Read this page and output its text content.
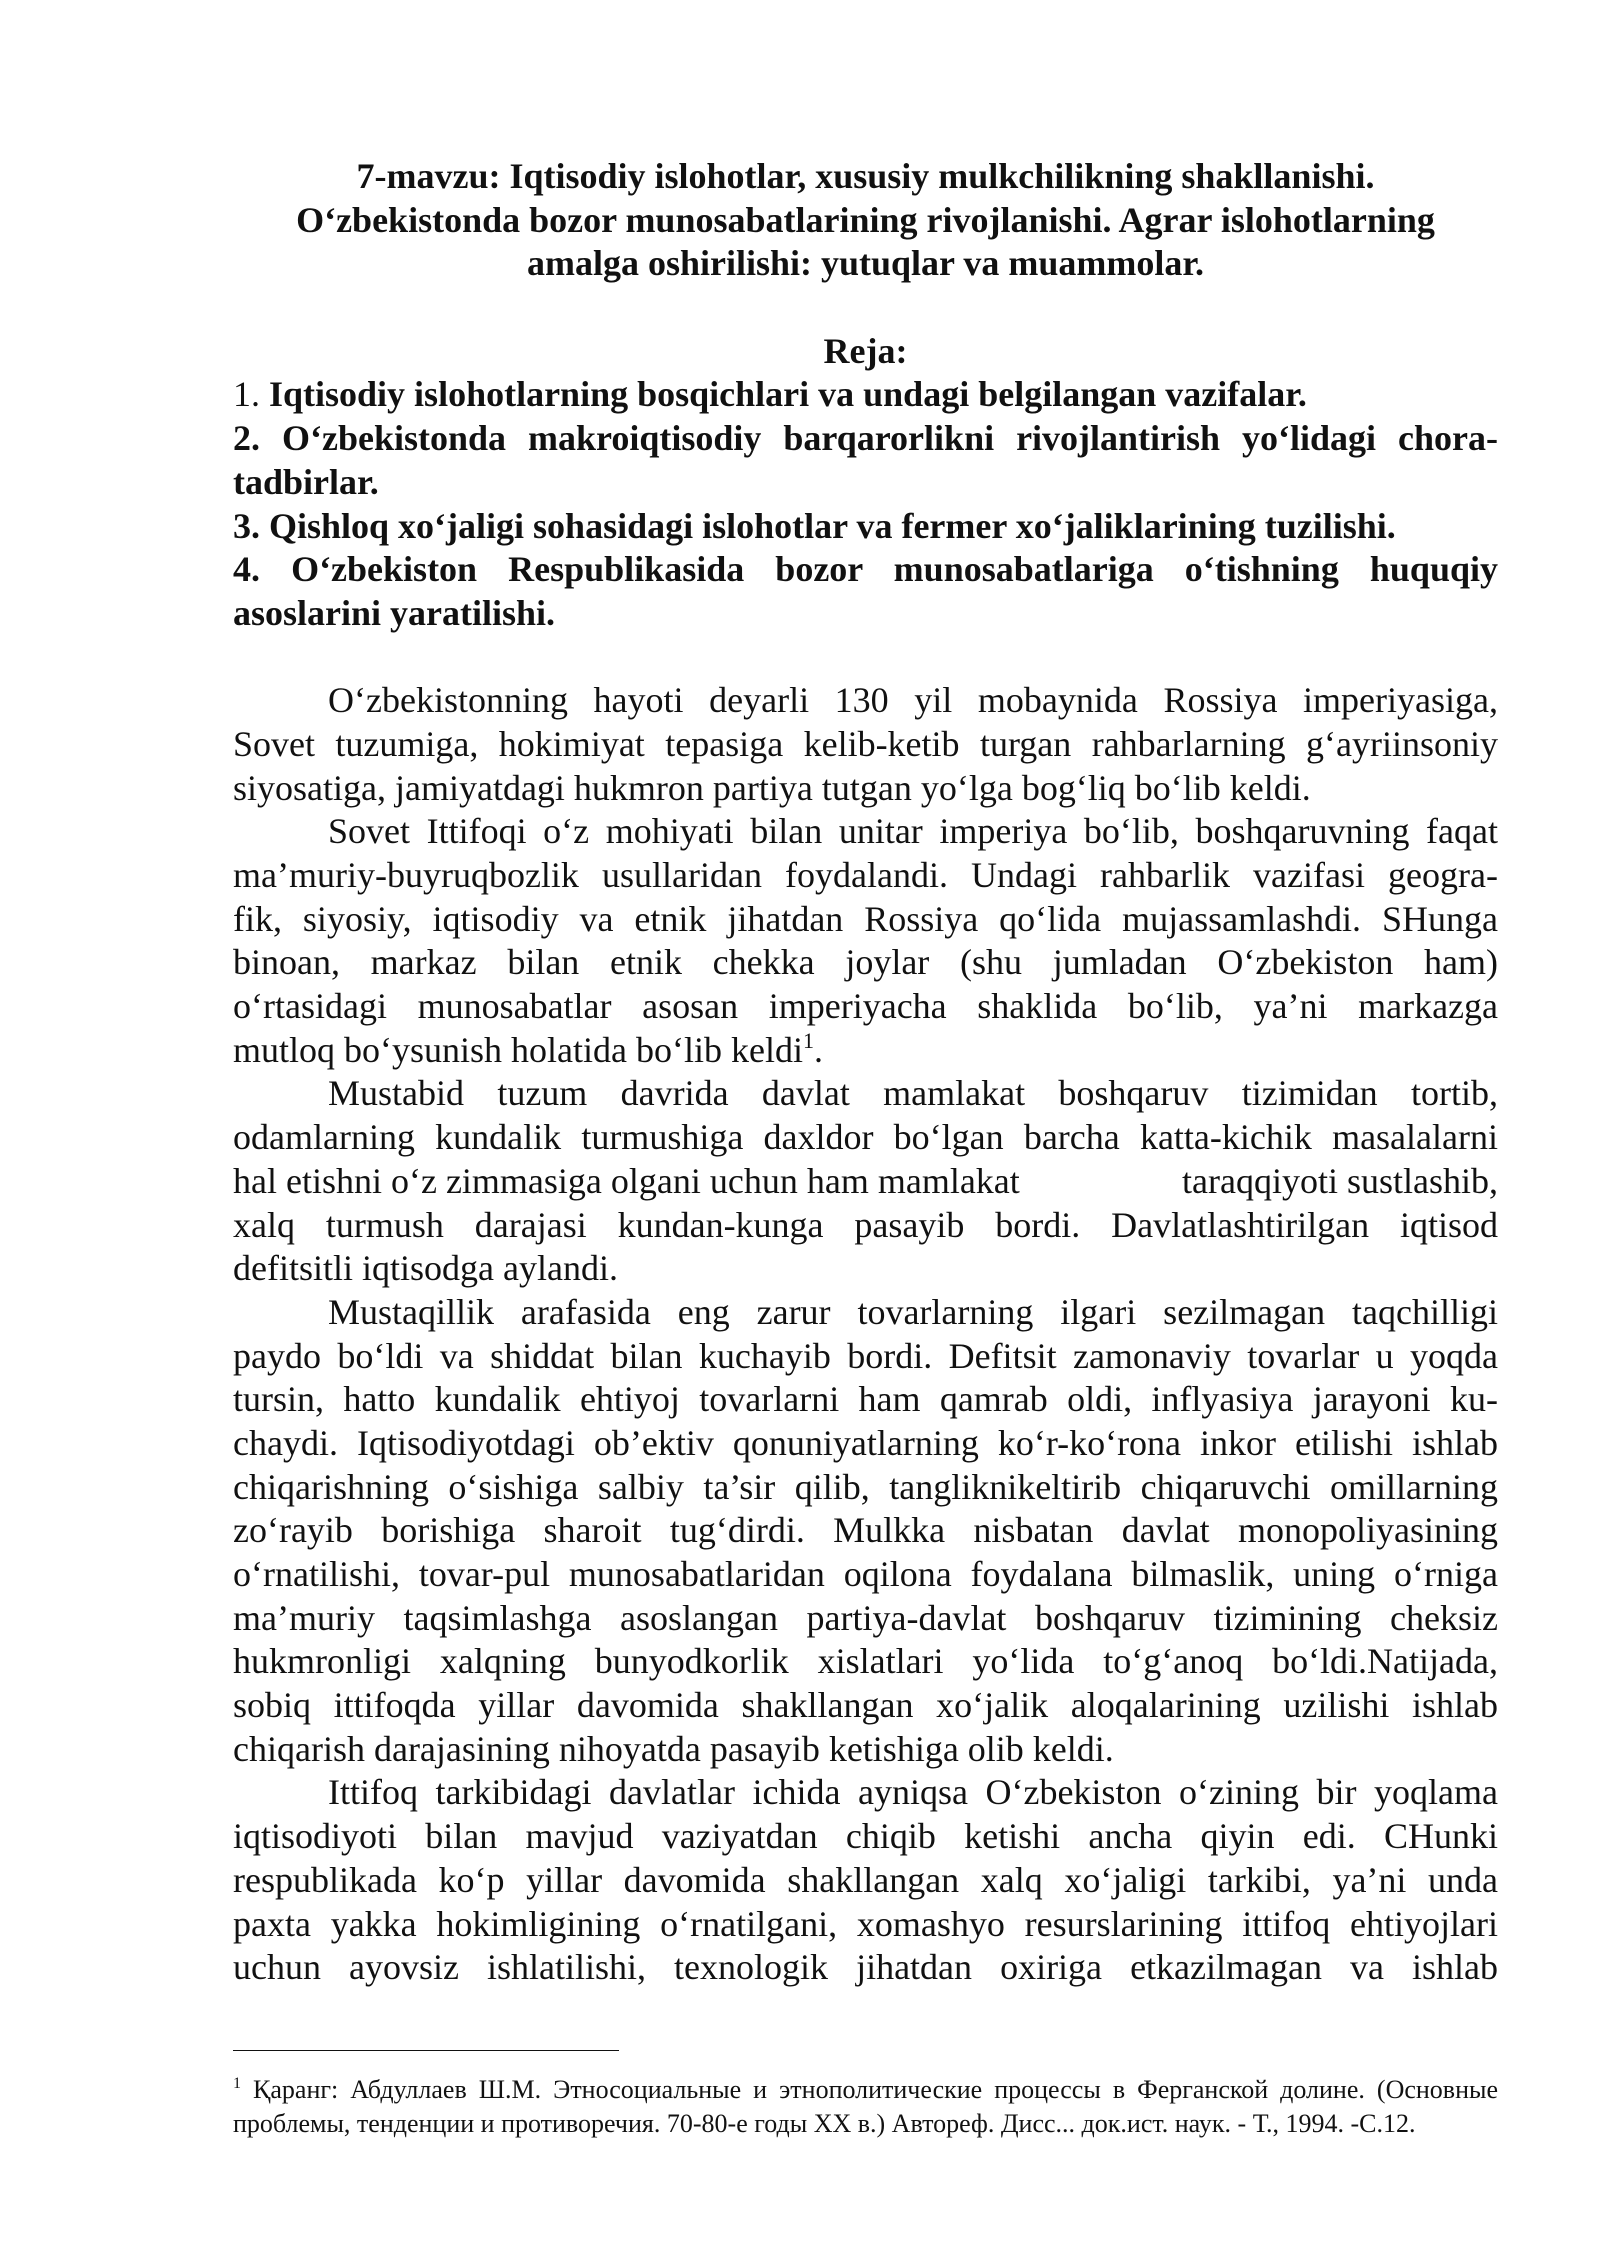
7-mavzu: Iqtisodiy islohotlar, xususiy mulkchilikning shakllanishi.
O‘zbekistonda bozor munosabatlarining rivojlanishi. Agrar islohotlarning
amalga oshirilishi: yutuqlar va muammolar.
Reja:
1. Iqtisodiy islohotlarning bosqichlari va undagi belgilangan vazifalar.
2. O‘zbekistonda makroiqtisodiy barqarorlikni rivojlantirish yo‘lidagi chora-
tadbirlar.
3. Qishloq xo‘jaligi sohasidagi islohotlar va fermer xo‘jaliklarining tuzilishi.
4. O‘zbekiston Respublikasida bozor munosabatlariga o‘tishning huquqiy
asoslarini yaratilishi.
O‘zbekistonning hayoti deyarli 130 yil mobaynida Rossiya imperiyasiga,
Sovet tuzumiga, hokimiyat tepasiga kelib-ketib turgan rahbarlarning g‘ayriinsoniy
siyosatiga, jamiyatdagi hukmron partiya tutgan yo‘lga bog‘liq bo‘lib keldi.
Sovet Ittifoqi o‘z mohiyati bilan unitar imperiya bo‘lib, boshqaruvning faqat
ma’muriy-buyruqbozlik usullaridan foydalandi. Undagi rahbarlik vazifasi geogra-
fik, siyosiy, iqtisodiy va etnik jihatdan Rossiya qo‘lida mujassamlashdi. SHunga
binoan, markaz bilan etnik chekka joylar (shu jumladan O‘zbekiston ham)
o‘rtasidagi munosabatlar asosan imperiyacha shaklida bo‘lib, ya’ni markazga
mutloq bo‘ysunish holatida bo‘lib keldi$^1$.
Mustabid tuzum davrida davlat mamlakat boshqaruv tizimidan tortib,
odamlarning kundalik turmushiga daxldor bo‘lgan barcha katta-kichik masalalarni
hal etishni o‘z zimmasiga olgani uchun ham mamlakat	taraqqiyoti sustlashib,
xalq turmush darajasi kundan-kunga pasayib bordi. Davlatlashtirilgan iqtisod
defitsitli iqtisodga aylandi.
Mustaqillik arafasida eng zarur tovarlarning ilgari sezilmagan taqchilligi
paydo bo‘ldi va shiddat bilan kuchayib bordi. Defitsit zamonaviy tovarlar u yoqda
tursin, hatto kundalik ehtiyoj tovarlarni ham qamrab oldi, inflyasiya jarayoni ku-
chaydi. Iqtisodiyotdagi ob’ektiv qonuniyatlarning ko‘r-ko‘rona inkor etilishi ishlab
chiqarishning o‘sishiga salbiy ta’sir qilib, tangliknikeltirib chiqaruvchi omillarning
zo‘rayib borishiga sharoit tug‘dirdi. Mulkka nisbatan davlat monopoliyasining
o‘rnatilishi, tovar-pul munosabatlaridan oqilona foydalana bilmaslik, uning o‘rniga
ma’muriy taqsimlashga asoslangan partiya-davlat boshqaruv tizimining cheksiz
hukmronligi xalqning bunyodkorlik xislatlari yo‘lida to‘g‘anoq bo‘ldi.Natijada,
sobiq ittifoqda yillar davomida shakllangan xo‘jalik aloqalarining uzilishi ishlab
chiqarish darajasining nihoyatda pasayib ketishiga olib keldi.
Ittifoq tarkibidagi davlatlar ichida ayniqsa O‘zbekiston o‘zining bir yoqlama
iqtisodiyoti bilan mavjud vaziyatdan chiqib ketishi ancha qiyin edi. CHunki
respublikada ko‘p yillar davomida shakllangan xalq xo‘jaligi tarkibi, ya’ni unda
paxta yakka hokimligining o‘rnatilgani, xomashyo resurslarining ittifoq ehtiyojlari
uchun ayovsiz ishlatilishi, texnologik jihatdan oxiriga etkazilmagan va ishlab
$^1$ Қаранг: Абдуллаев Ш.М. Этносоциальные и этнополитические процессы в Ферганской долине. (Основные
проблемы, тенденции и противоречия. 70-80-е годы XX в.) Автореф. Дисс... док.ист. наук. - Т., 1994. -С.12.
